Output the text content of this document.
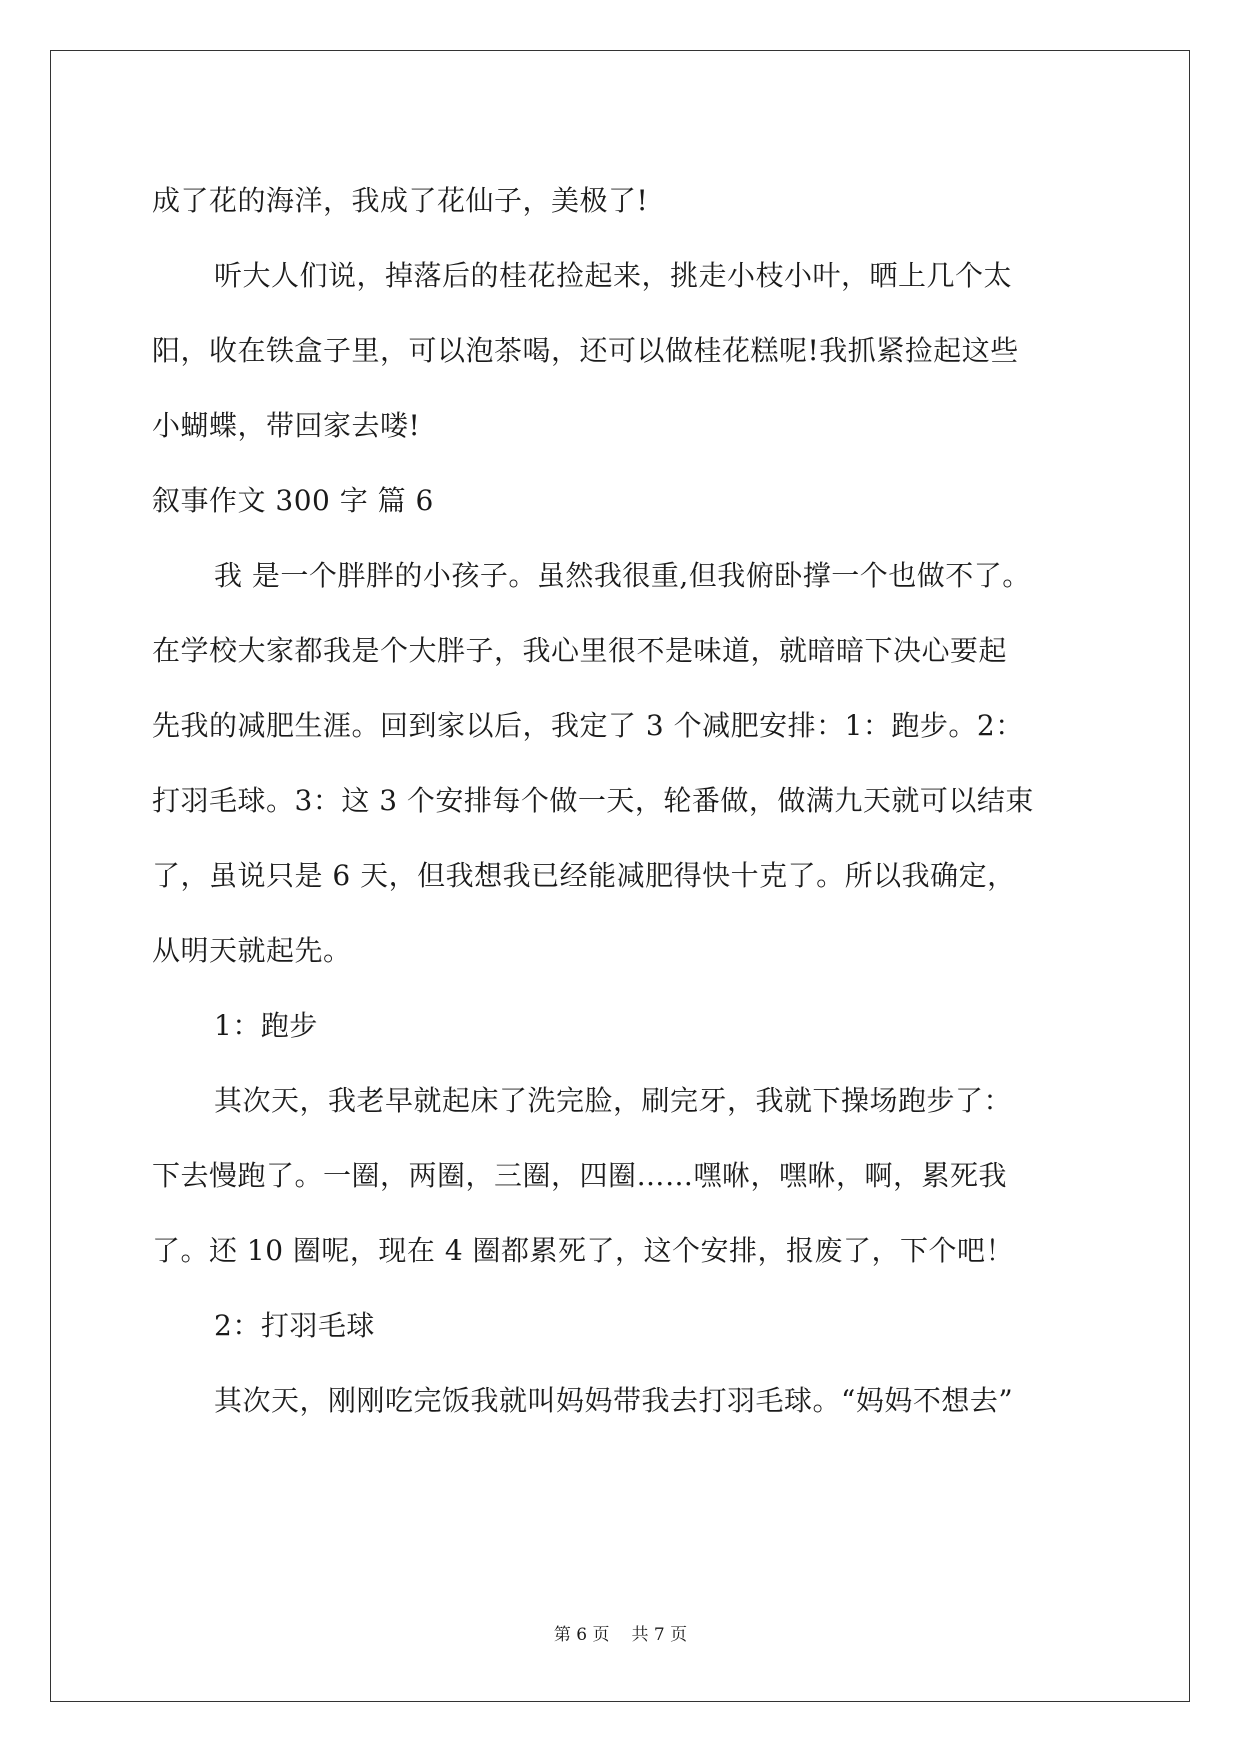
成了花的海洋，我成了花仙子，美极了!

听大人们说，掉落后的桂花捡起来，挑走小枝小叶，晒上几个太

阳，收在铁盒子里，可以泡茶喝，还可以做桂花糕呢!我抓紧捡起这些

小蝴蝶，带回家去喽!

叙事作文 300 字 篇 6

我 是一个胖胖的小孩子。虽然我很重,但我俯卧撑一个也做不了。

在学校大家都我是个大胖子，我心里很不是味道，就暗暗下决心要起

先我的减肥生涯。回到家以后，我定了 3 个减肥安排：1：跑步。2：

打羽毛球。3：这 3 个安排每个做一天，轮番做，做满九天就可以结束

了，虽说只是 6 天，但我想我已经能减肥得快十克了。所以我确定，

从明天就起先。

1：跑步

其次天，我老早就起床了洗完脸，刷完牙，我就下操场跑步了：

下去慢跑了。一圈，两圈，三圈，四圈……嘿咻，嘿咻，啊，累死我

了。还 10 圈呢，现在 4 圈都累死了，这个安排，报废了，下个吧！

2：打羽毛球

其次天，刚刚吃完饭我就叫妈妈带我去打羽毛球。“妈妈不想去”

第 6 页 共 7 页
